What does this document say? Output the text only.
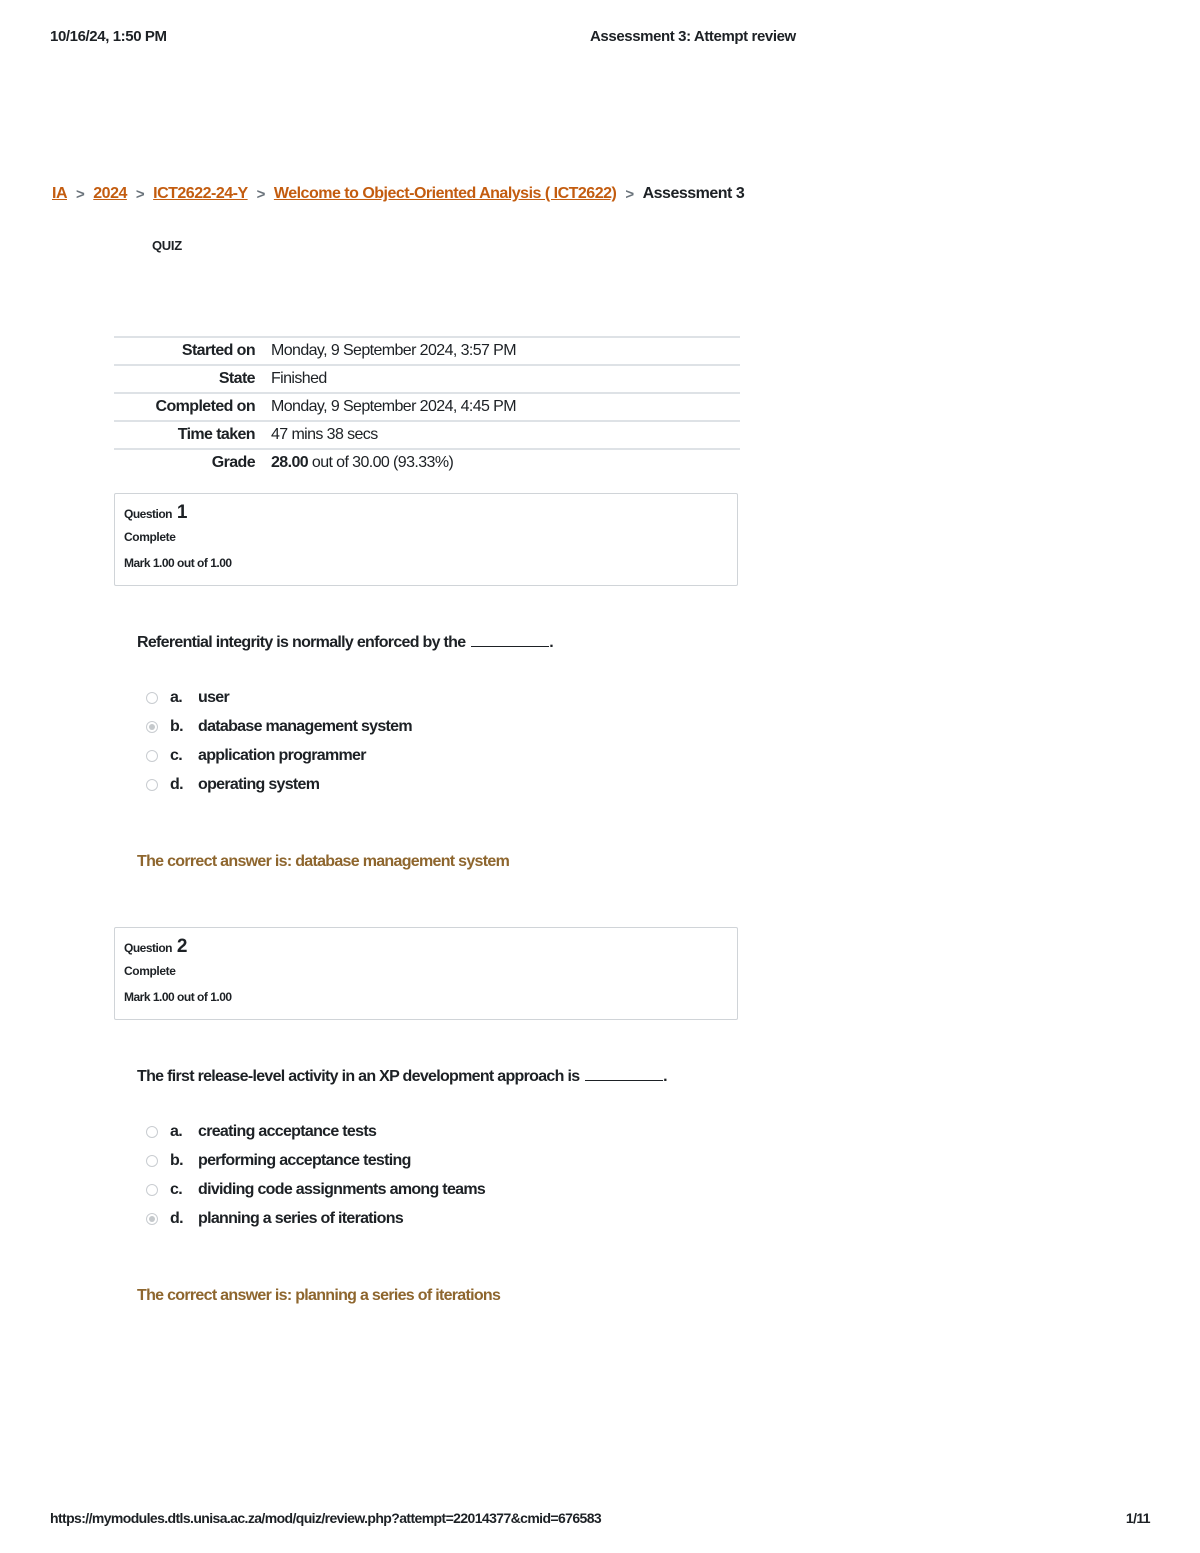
10/16/24, 1:50 PM	Assessment 3: Attempt review
IA > 2024 > ICT2622-24-Y > Welcome to Object-Oriented Analysis ( ICT2622) > Assessment 3
QUIZ
Started on	Monday, 9 September 2024, 3:57 PM
State	Finished
Completed on	Monday, 9 September 2024, 4:45 PM
Time taken	47 mins 38 secs
Grade	28.00 out of 30.00 (93.33%)
Question 1
Complete
Mark 1.00 out of 1.00
Referential integrity is normally enforced by the	.
a.	user
b. database management system
c.	application programmer
d. operating system
The correct answer is: database management system
Question 2
Complete
Mark 1.00 out of 1.00
The first release-level activity in an XP development approach is	.
a.	creating acceptance tests
b. performing acceptance testing
c.	dividing code assignments among teams
d. planning a series of iterations
The correct answer is: planning a series of iterations
https://mymodules.dtls.unisa.ac.za/mod/quiz/review.php?attempt=22014377&cmid=676583	1/11
